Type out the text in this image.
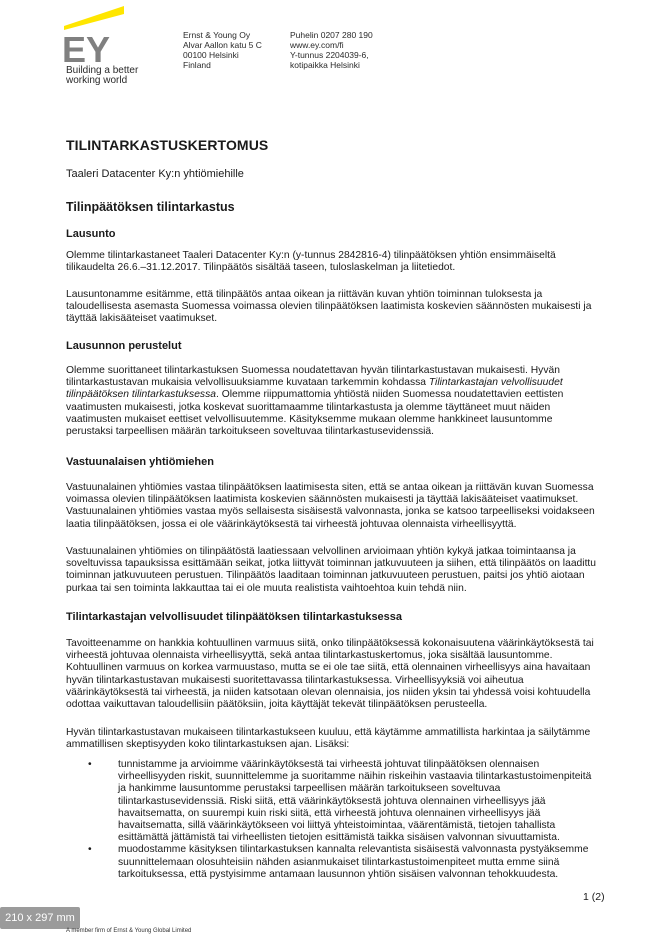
EY
Building a better
working world
Ernst & Young Oy
Alvar Aallon katu 5 C
00100 Helsinki
Finland
Puhelin 0207 280 190
www.ey.com/fi
Y-tunnus 2204039-6,
kotipaikka Helsinki
TILINTARKASTUSKERTOMUS
Taaleri Datacenter Ky:n yhtiömiehille
Tilinpäätöksen tilintarkastus
Lausunto
Olemme tilintarkastaneet Taaleri Datacenter Ky:n (y-tunnus 2842816-4) tilinpäätöksen yhtiön ensimmäiseltä
tilikaudelta 26.6.–31.12.2017. Tilinpäätös sisältää taseen, tuloslaskelman ja liitetiedot.
Lausuntonamme esitämme, että tilinpäätös antaa oikean ja riittävän kuvan yhtiön toiminnan tuloksesta ja
taloudellisesta asemasta Suomessa voimassa olevien tilinpäätöksen laatimista koskevien säännösten mukaisesti ja
täyttää lakisääteiset vaatimukset.
Lausunnon perustelut
Olemme suorittaneet tilintarkastuksen Suomessa noudatettavan hyvän tilintarkastustavan mukaisesti. Hyvän
tilintarkastustavan mukaisia velvollisuuksiamme kuvataan tarkemmin kohdassa Tilintarkastajan velvollisuudet
tilinpäätöksen tilintarkastuksessa. Olemme riippumattomia yhtiöstä niiden Suomessa noudatettavien eettisten
vaatimusten mukaisesti, jotka koskevat suorittamaamme tilintarkastusta ja olemme täyttäneet muut näiden
vaatimusten mukaiset eettiset velvollisuutemme. Käsityksemme mukaan olemme hankkineet lausuntomme
perustaksi tarpeellisen määrän tarkoitukseen soveltuvaa tilintarkastusevidenssiä.
Vastuunalaisen yhtiömiehen
Vastuunalainen yhtiömies vastaa tilinpäätöksen laatimisesta siten, että se antaa oikean ja riittävän kuvan Suomessa
voimassa olevien tilinpäätöksen laatimista koskevien säännösten mukaisesti ja täyttää lakisääteiset vaatimukset.
Vastuunalainen yhtiömies vastaa myös sellaisesta sisäisestä valvonnasta, jonka se katsoo tarpeelliseksi voidakseen
laatia tilinpäätöksen, jossa ei ole väärinkäytöksestä tai virheestä johtuvaa olennaista virheellisyyttä.
Vastuunalainen yhtiömies on tilinpäätöstä laatiessaan velvollinen arvioimaan yhtiön kykyä jatkaa toimintaansa ja
soveltuvissa tapauksissa esittämään seikat, jotka liittyvät toiminnan jatkuvuuteen ja siihen, että tilinpäätös on laadittu
toiminnan jatkuvuuteen perustuen. Tilinpäätös laaditaan toiminnan jatkuvuuteen perustuen, paitsi jos yhtiö aiotaan
purkaa tai sen toiminta lakkauttaa tai ei ole muuta realistista vaihtoehtoa kuin tehdä niin.
Tilintarkastajan velvollisuudet tilinpäätöksen tilintarkastuksessa
Tavoitteenamme on hankkia kohtuullinen varmuus siitä, onko tilinpäätöksessä kokonaisuutena väärinkäytöksestä tai
virheestä johtuvaa olennaista virheellisyyttä, sekä antaa tilintarkastuskertomus, joka sisältää lausuntomme.
Kohtuullinen varmuus on korkea varmuustaso, mutta se ei ole tae siitä, että olennainen virheellisyys aina havaitaan
hyvän tilintarkastustavan mukaisesti suoritettavassa tilintarkastuksessa. Virheellisyyksiä voi aiheutua
väärinkäytöksestä tai virheestä, ja niiden katsotaan olevan olennaisia, jos niiden yksin tai yhdessä voisi kohtuudella
odottaa vaikuttavan taloudellisiin päätöksiin, joita käyttäjät tekevät tilinpäätöksen perusteella.
Hyvän tilintarkastustavan mukaiseen tilintarkastukseen kuuluu, että käytämme ammatillista harkintaa ja säilytämme
ammatillisen skeptisyyden koko tilintarkastuksen ajan. Lisäksi:
•	tunnistamme ja arvioimme väärinkäytöksestä tai virheestä johtuvat tilinpäätöksen olennaisen
virheellisyyden riskit, suunnittelemme ja suoritamme näihin riskeihin vastaavia tilintarkastustoimenpiteitä
ja hankimme lausuntomme perustaksi tarpeellisen määrän tarkoitukseen soveltuvaa
tilintarkastusevidenssiä. Riski siitä, että väärinkäytöksestä johtuva olennainen virheellisyys jää
havaitsematta, on suurempi kuin riski siitä, että virheestä johtuva olennainen virheellisyys jää
havaitsematta, sillä väärinkäytökseen voi liittyä yhteistoimintaa, väärentämistä, tietojen tahallista
esittämättä jättämistä tai virheellisten tietojen esittämistä taikka sisäisen valvonnan sivuuttamista.
•	muodostamme käsityksen tilintarkastuksen kannalta relevantista sisäisestä valvonnasta pystyäksemme
suunnittelemaan olosuhteisiin nähden asianmukaiset tilintarkastustoimenpiteet mutta emme siinä
tarkoituksessa, että pystyisimme antamaan lausunnon yhtiön sisäisen valvonnan tehokkuudesta.
1 (2)
210 x 297 mm
A member firm of Ernst & Young Global Limited
